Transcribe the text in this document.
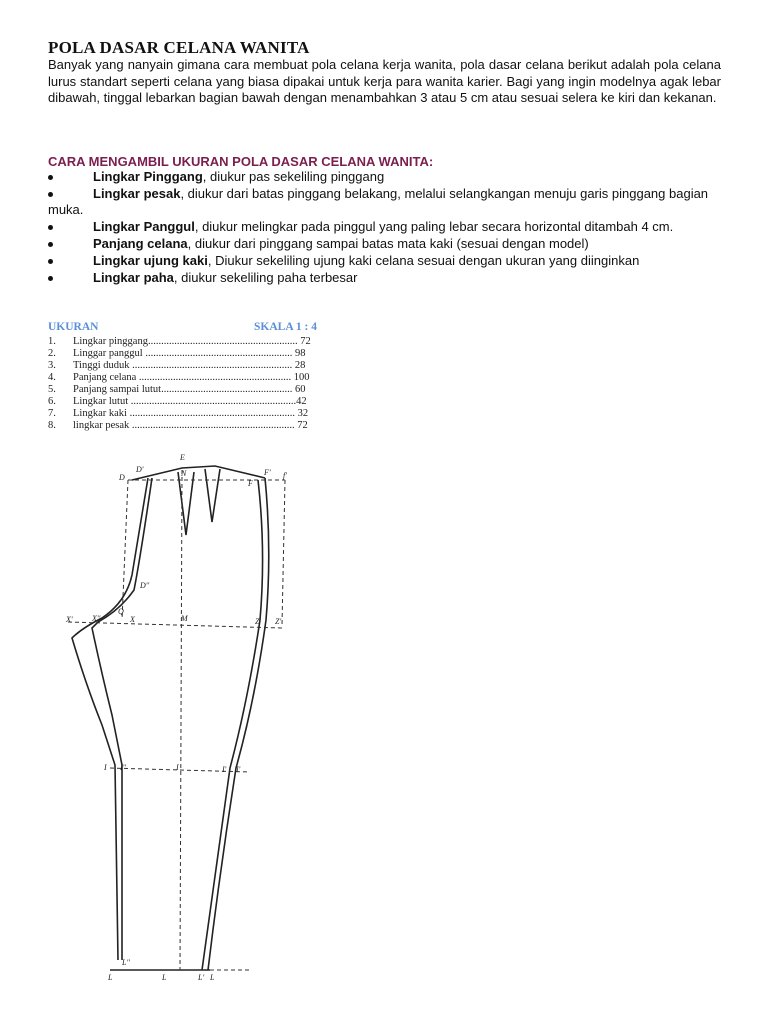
POLA DASAR CELANA WANITA

Banyak yang nanyain gimana cara membuat pola celana kerja wanita, pola dasar celana berikut adalah pola celana lurus standart seperti celana yang biasa dipakai untuk kerja para wanita karier. Bagi yang ingin modelnya agak lebar dibawah, tinggal lebarkan bagian bawah dengan menambahkan 3 atau 5 cm atau sesuai selera ke kiri dan kekanan.

CARA MENGAMBIL UKURAN POLA DASAR CELANA WANITA:
Lingkar Pinggang, diukur pas sekeliling pinggang
Lingkar pesak, diukur dari batas pinggang belakang, melalui selangkangan menuju garis pinggang bagian muka.
Lingkar Panggul, diukur melingkar pada pinggul yang paling lebar secara horizontal ditambah 4 cm.
Panjang celana, diukur dari pinggang sampai batas mata kaki (sesuai dengan model)
Lingkar ujung kaki, Diukur sekeliling ujung kaki celana sesuai dengan ukuran yang diinginkan
Lingkar paha, diukur sekeliling paha terbesar
UKURAN	SKALA 1 : 4
1. Lingkar pinggang......................................................... 72
2. Linggar panggul ........................................................ 98
3. Tinggi duduk ............................................................. 28
4. Panjang celana .......................................................... 100
5. Panjang sampai lutut.................................................. 60
6. Lingkar lutut ...............................................................42
7. Lingkar kaki ............................................................... 32
8. lingkar pesak .............................................................. 72
E
D'	N	F' f'
D
F
D''
X' X''
Q
X	M	Z Z'
I I''	I	I' I'
L''
L	L	L' L
